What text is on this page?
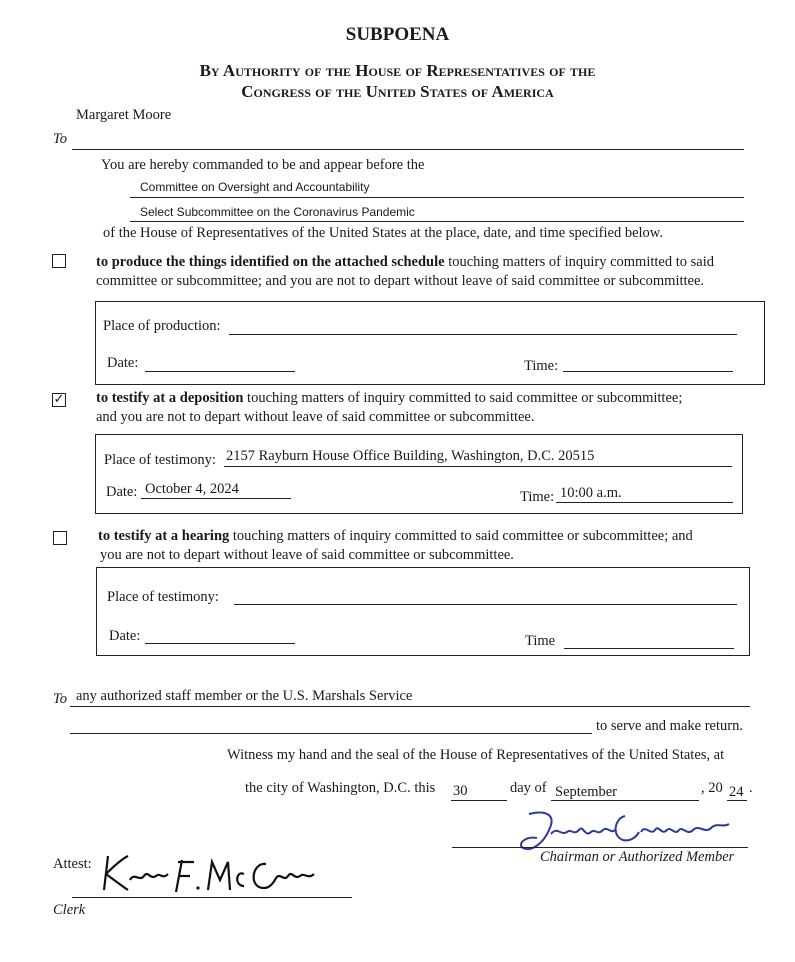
SUBPOENA
By Authority of the House of Representatives of the
Congress of the United States of America
Margaret Moore
To
You are hereby commanded to be and appear before the
Committee on Oversight and Accountability
Select Subcommittee on the Coronavirus Pandemic
of the House of Representatives of the United States at the place, date, and time specified below.
to produce the things identified on the attached schedule touching matters of inquiry committed to said
committee or subcommittee; and you are not to depart without leave of said committee or subcommittee.
Place of production:
Date:	Time:
✓ to testify at a deposition touching matters of inquiry committed to said committee or subcommittee;
and you are not to depart without leave of said committee or subcommittee.
Place of testimony: 2157 Rayburn House Office Building, Washington, D.C. 20515
Date: October 4, 2024	Time: 10:00 a.m.
to testify at a hearing touching matters of inquiry committed to said committee or subcommittee; and
you are not to depart without leave of said committee or subcommittee.
Place of testimony:
Date:	Time
To any authorized staff member or the U.S. Marshals Service
to serve and make return.
Witness my hand and the seal of the House of Representatives of the United States, at
the city of Washington, D.C. this 30	day of September	, 20 24 .
Chairman or Authorized Member
Attest:
Clerk
